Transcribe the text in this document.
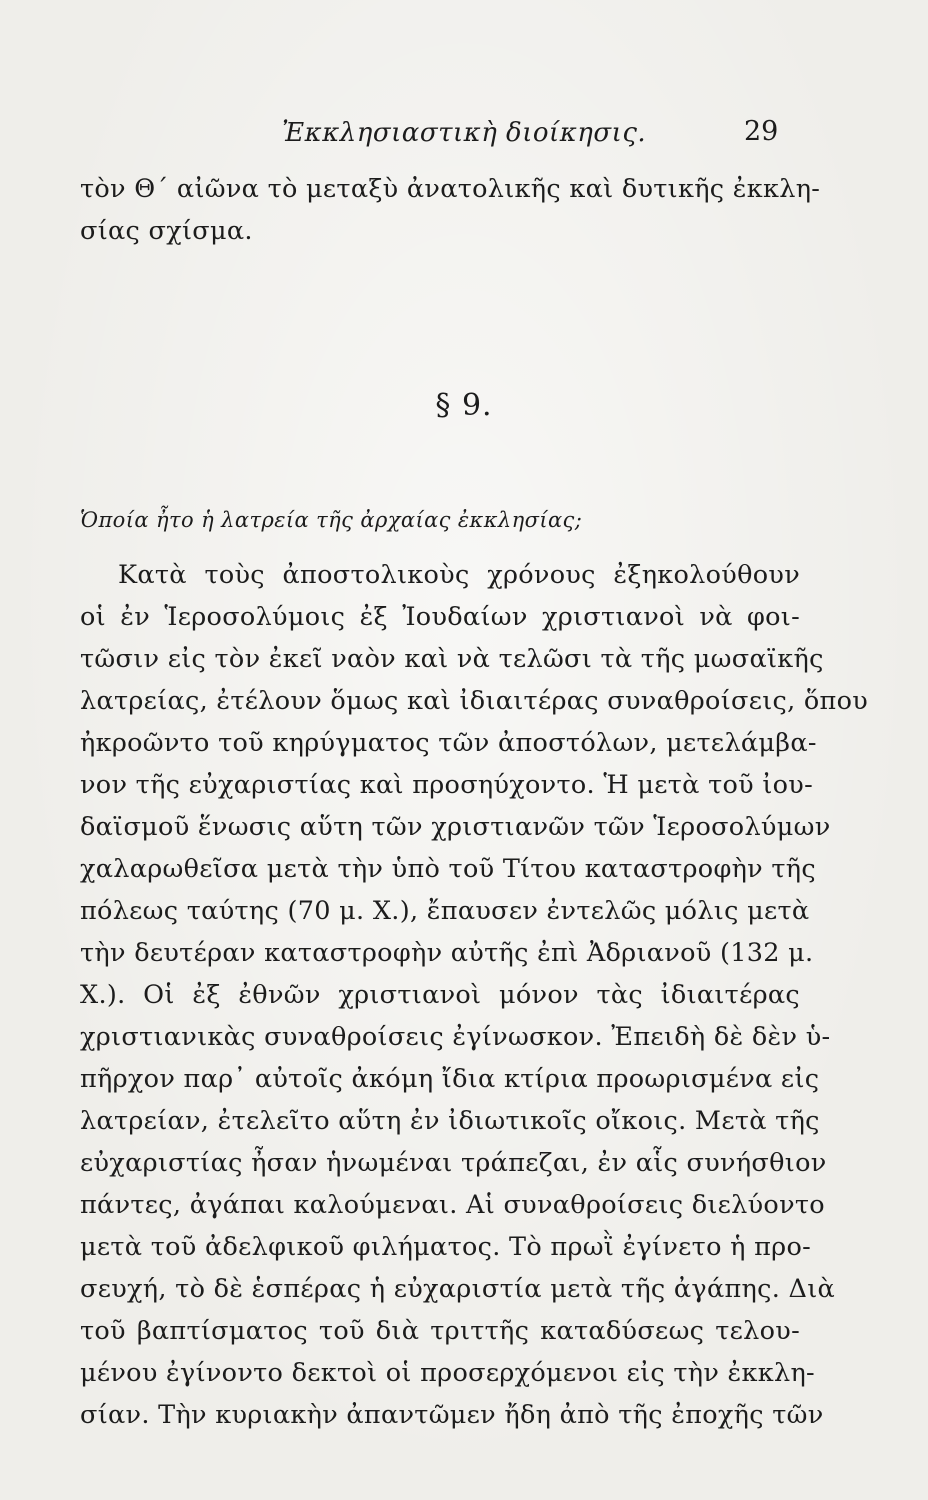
Ἐκκλησιαστικὴ διοίκησις.	29
τὸν Θ΄ αἰῶνα τὸ μεταξὺ ἀνατολικῆς καὶ δυτικῆς ἐκκλη-
σίας σχίσμα.
§ 9.
Ὁποία ἦτο ἡ λατρεία τῆς ἀρχαίας ἐκκλησίας;
Κατὰ τοὺς ἀποστολικοὺς χρόνους ἐξηκολούθουν
οἱ ἐν Ἱεροσολύμοις ἐξ Ἰουδαίων χριστιανοὶ νὰ φοι-
τῶσιν εἰς τὸν ἐκεῖ ναὸν καὶ νὰ τελῶσι τὰ τῆς μωσαϊκῆς
λατρείας, ἐτέλουν ὅμως καὶ ἰδιαιτέρας συναθροίσεις, ὅπου
ἠκροῶντο τοῦ κηρύγματος τῶν ἀποστόλων, μετελάμβα-
νον τῆς εὐχαριστίας καὶ προσηύχοντο. Ἡ μετὰ τοῦ ἰου-
δαϊσμοῦ ἕνωσις αὕτη τῶν χριστιανῶν τῶν Ἱεροσολύμων
χαλαρωθεῖσα μετὰ τὴν ὑπὸ τοῦ Τίτου καταστροφὴν τῆς
πόλεως ταύτης (70 μ. Χ.), ἔπαυσεν ἐντελῶς μόλις μετὰ
τὴν δευτέραν καταστροφὴν αὐτῆς ἐπὶ Ἀδριανοῦ (132 μ.
Χ.). Οἱ ἐξ ἐθνῶν χριστιανοὶ μόνον τὰς ἰδιαιτέρας
χριστιανικὰς συναθροίσεις ἐγίνωσκον. Ἐπειδὴ δὲ δὲν ὑ-
πῆρχον παρ᾽ αὐτοῖς ἀκόμη ἴδια κτίρια προωρισμένα εἰς
λατρείαν, ἐτελεῖτο αὕτη ἐν ἰδιωτικοῖς οἴκοις. Μετὰ τῆς
εὐχαριστίας ἦσαν ἡνωμέναι τράπεζαι, ἐν αἷς συνήσθιον
πάντες, ἀγάπαι καλούμεναι. Αἱ συναθροίσεις διελύοντο
μετὰ τοῦ ἀδελφικοῦ φιλήματος. Τὸ πρωῒ ἐγίνετο ἡ προ-
σευχή, τὸ δὲ ἑσπέρας ἡ εὐχαριστία μετὰ τῆς ἀγάπης. Διὰ
τοῦ βαπτίσματος τοῦ διὰ τριττῆς καταδύσεως τελου-
μένου ἐγίνοντο δεκτοὶ οἱ προσερχόμενοι εἰς τὴν ἐκκλη-
σίαν. Τὴν κυριακὴν ἀπαντῶμεν ἤδη ἀπὸ τῆς ἐποχῆς τῶν
